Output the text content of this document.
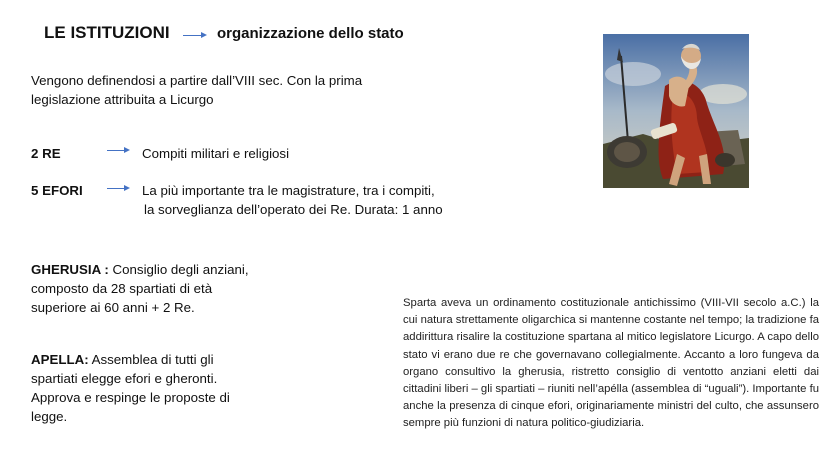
LE ISTITUZIONI	organizzazione dello stato
Vengono definendosi a partire dall’VIII sec. Con la prima legislazione attribuita a Licurgo
2 RE	Compiti militari e religiosi
5 EFORI	La più importante tra le magistrature, tra i compiti,
la sorveglianza dell’operato dei Re. Durata: 1 anno
GHERUSIA : Consiglio degli anziani, composto da 28 spartiati di età superiore ai 60 anni + 2 Re.
APELLA: Assemblea di tutti gli spartiati elegge efori e gheronti. Approva e respinge le proposte di legge.
Sparta aveva un ordinamento costituzionale antichissimo (VIII-VII secolo a.C.) la cui natura strettamente oligarchica si mantenne costante nel tempo; la tradizione fa addirittura risalire la costituzione spartana al mitico legislatore Licurgo. A capo dello stato vi erano due re che governavano collegialmente. Accanto a loro fungeva da organo consultivo la gherusia, ristretto consiglio di ventotto anziani eletti dai cittadini liberi – gli spartiati – riuniti nell’apélla (assemblea di “uguali”). Importante fu anche la presenza di cinque efori, originariamente ministri del culto, che assunsero sempre più funzioni di natura politico-giudiziaria.
